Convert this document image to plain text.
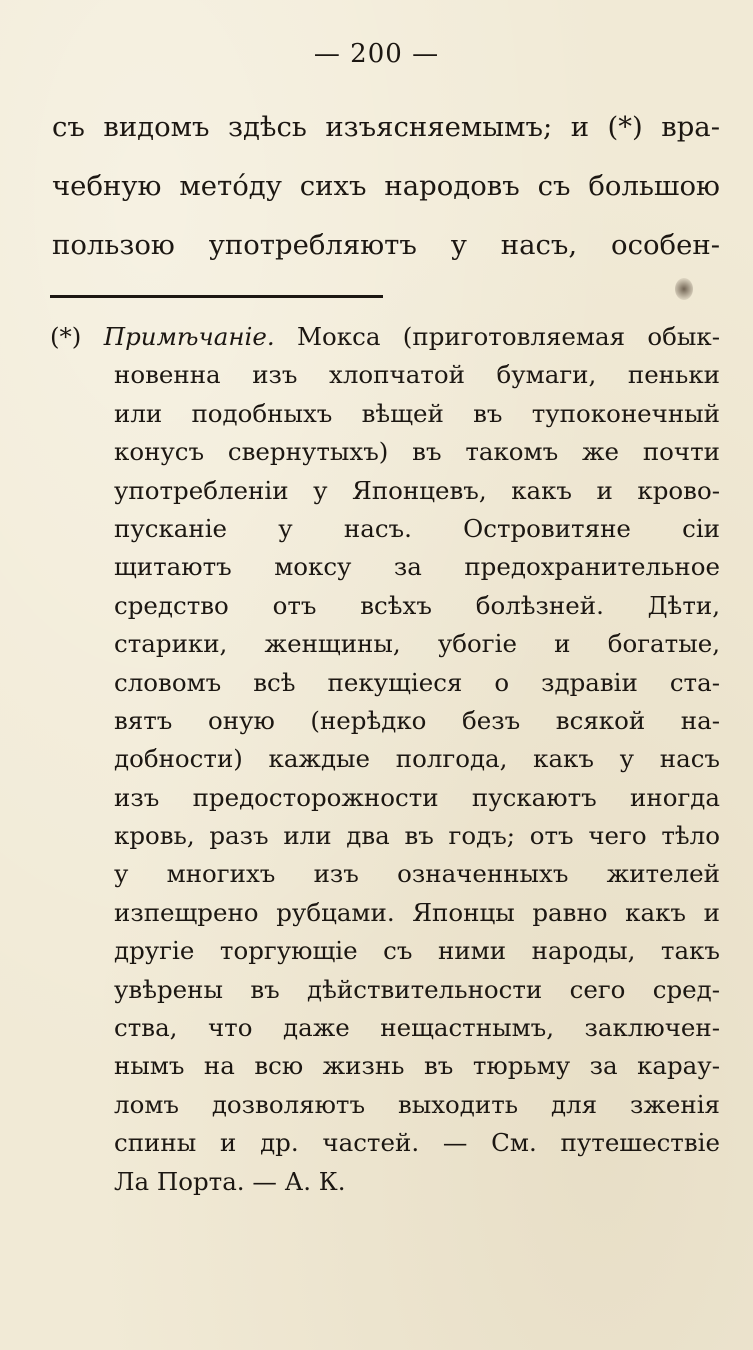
— 200 —
съ видомъ здѣсь изъясняемымъ; и (*) вра-
чебную метóду сихъ народовъ съ большою
пользою употребляютъ у насъ, особен-
(*) Примѣчаніе. Мокса (приготовляемая обык-
новенна изъ хлопчатой бумаги, пеньки
или подобныхъ вѣщей въ тупоконечный
конусъ свернутыхъ) въ такомъ же почти
употребленіи у Японцевъ, какъ и крово-
пусканіе у насъ. Островитяне сіи
щитаютъ моксу за предохранительное
средство отъ всѣхъ болѣзней. Дѣти,
старики, женщины, убогіе и богатые,
словомъ всѣ пекущіеся о здравіи ста-
вятъ оную (нерѣдко безъ всякой на-
добности) каждые полгода, какъ у насъ
изъ предосторожности пускаютъ иногда
кровь, разъ или два въ годъ; отъ чего тѣло
у многихъ изъ означенныхъ жителей
изпещрено рубцами. Японцы равно какъ и
другіе торгующіе съ ними народы, такъ
увѣрены въ дѣйствительности сего сред-
ства, что даже нещастнымъ, заключен-
нымъ на всю жизнь въ тюрьму за карау-
ломъ дозволяютъ выходить для зженія
спины и др. частей. — См. путешествіе
Ла Порта. — А. К.
